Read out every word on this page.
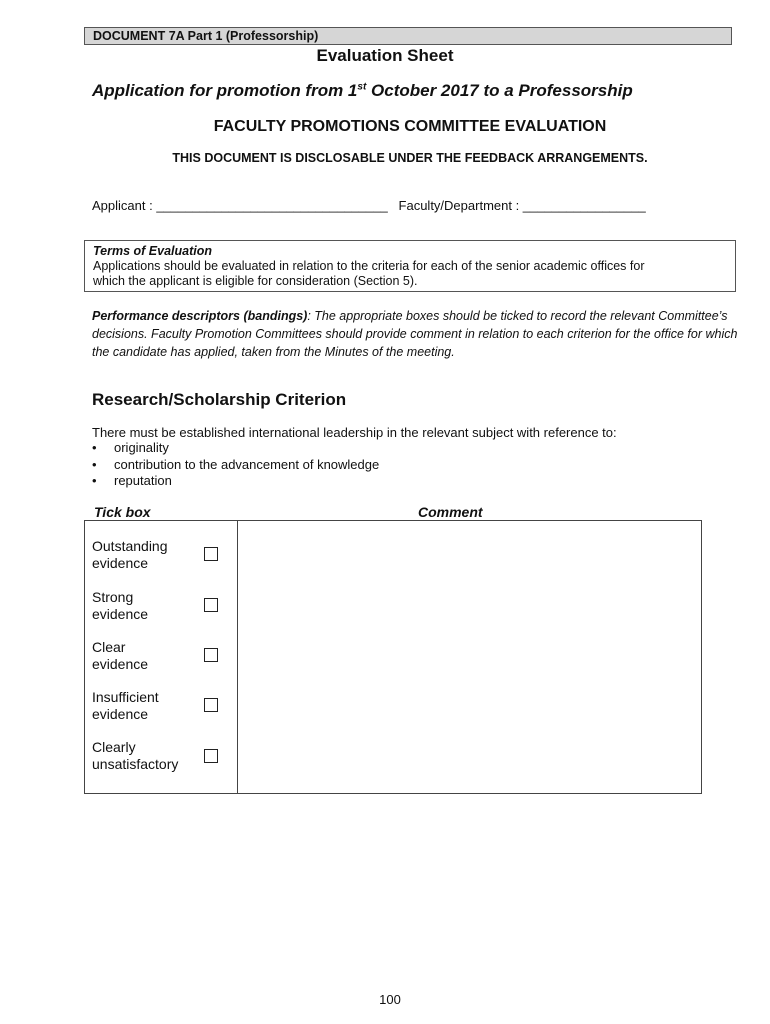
DOCUMENT 7A Part 1 (Professorship)
Evaluation Sheet
Application for promotion from 1st October 2017 to a Professorship
FACULTY PROMOTIONS COMMITTEE EVALUATION
THIS DOCUMENT IS DISCLOSABLE UNDER THE FEEDBACK ARRANGEMENTS.
Applicant : ________________________________ Faculty/Department : _________________
Terms of Evaluation
Applications should be evaluated in relation to the criteria for each of the senior academic offices for
which the applicant is eligible for consideration (Section 5).
Performance descriptors (bandings): The appropriate boxes should be ticked to record the relevant Committee’s decisions. Faculty Promotion Committees should provide comment in relation to each criterion for the office for which the candidate has applied, taken from the Minutes of the meeting.
Research/Scholarship Criterion
There must be established international leadership in the relevant subject with reference to:
• originality
• contribution to the advancement of knowledge
• reputation
Tick box	Comment
Outstanding
evidence
Strong
evidence
Clear
evidence
Insufficient
evidence
Clearly
unsatisfactory
100
